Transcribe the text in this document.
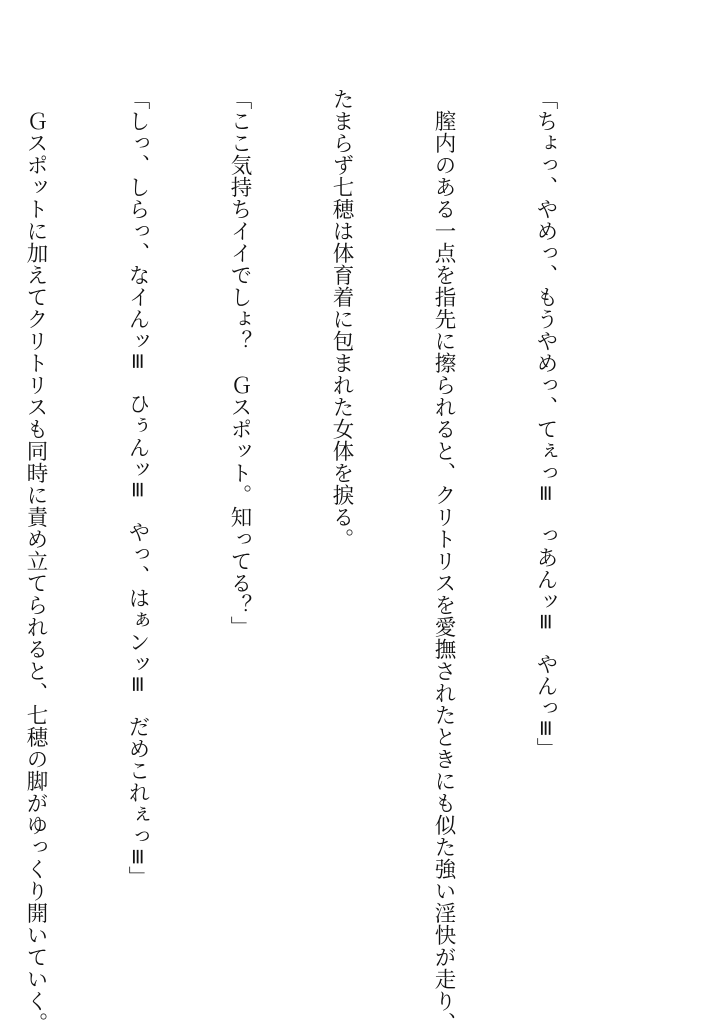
「ちょっ、やめっ、もうやめっ、てぇっ≡　っあんッ≡　やんっ≡」

　膣内のある一点を指先に擦られると、クリトリスを愛撫されたときにも似た強い淫快が走り、

たまらず七穂は体育着に包まれた女体を捩る。

「ここ気持ちイイでしょ？　Ｇスポット。知ってる？」

「しっ、しらっ、なイんッ≡　ひぅんッ≡　やっ、はぁンッ≡　だめこれぇっ≡」

　Ｇスポットに加えてクリトリスも同時に責め立てられると、七穂の脚がゆっくり開いていく。
